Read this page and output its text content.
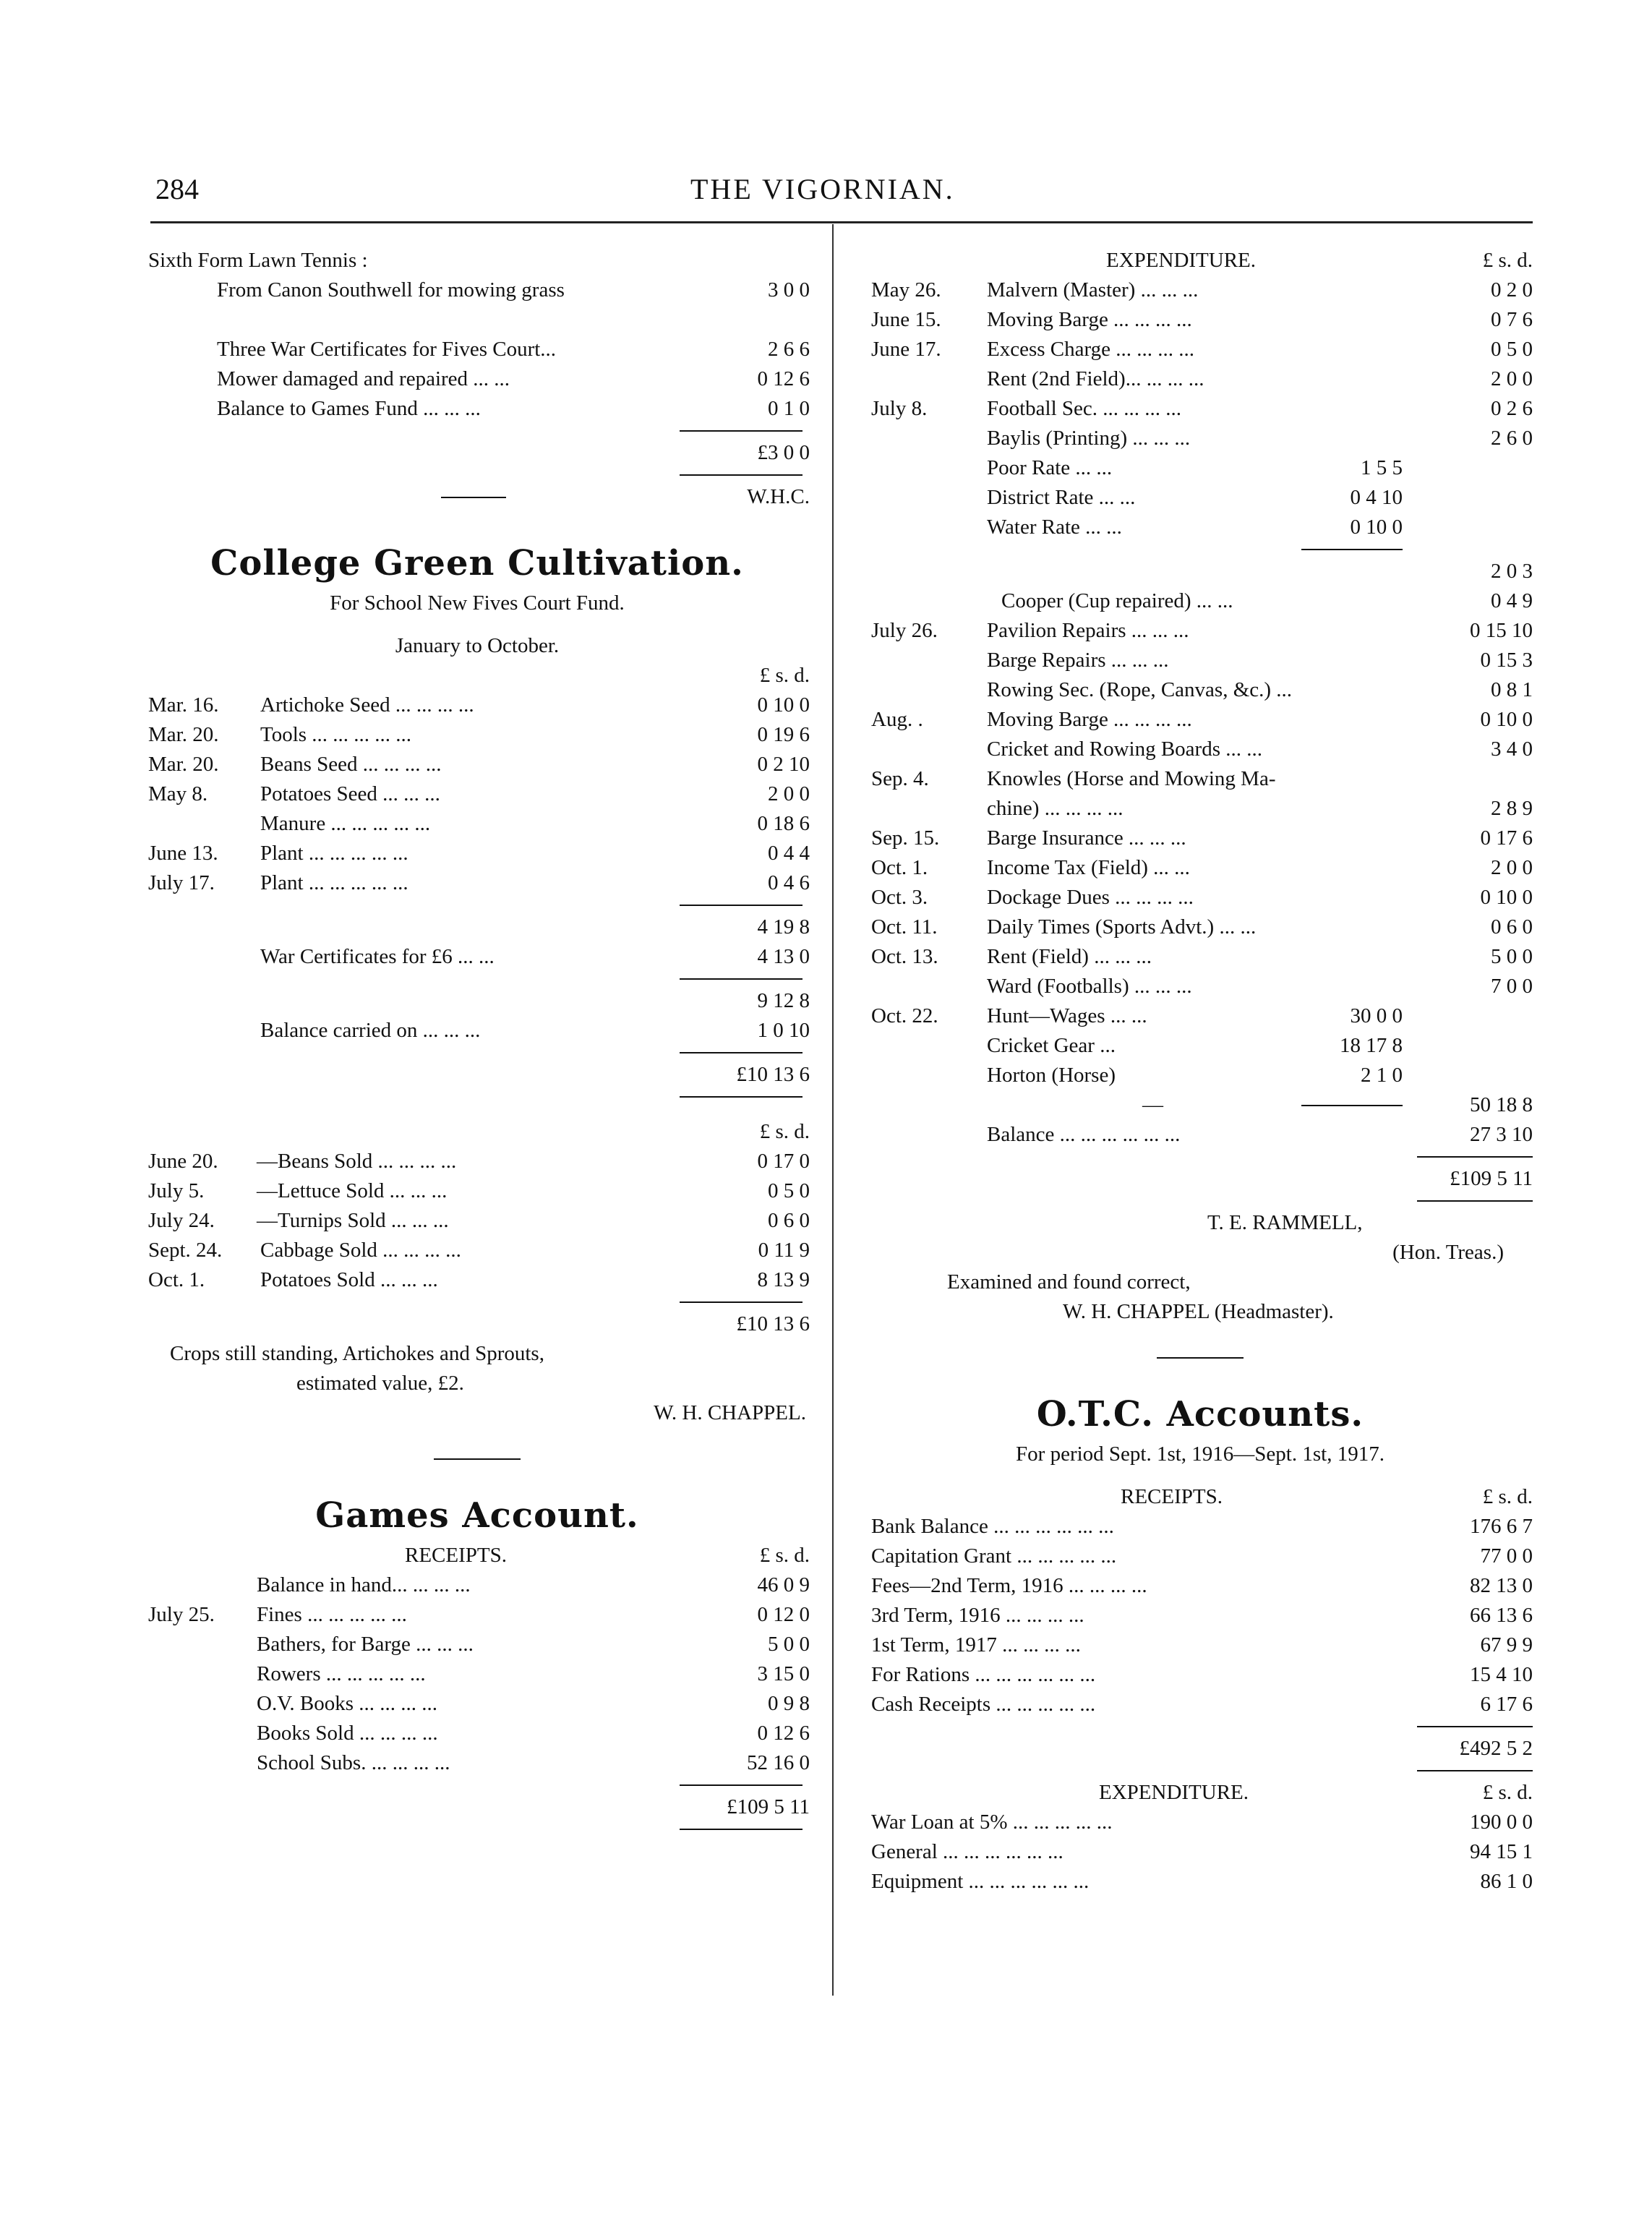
284	THE VIGORNIAN.
Sixth Form Lawn Tennis :
From Canon Southwell for mowing grass	3 0 0
Three War Certificates for Fives Court...	2 6 6
Mower damaged and repaired ... ...	0 12 6
Balance to Games Fund ... ... ...	0 1 0
£3 0 0
W.H.C.
College Green Cultivation.
For School New Fives Court Fund.
January to October.
£ s. d.
Mar. 16. Artichoke Seed ... ... ... ...	0 10 0
Mar. 20. Tools ... ... ... ... ...	0 19 6
Mar. 20. Beans Seed ... ... ... ...	0 2 10
May 8.	Potatoes Seed ... ... ...	2 0 0
Manure ... ... ... ... ...	0 18 6
June 13. Plant ... ... ... ... ...	0 4 4
July 17. Plant ... ... ... ... ...	0 4 6
4 19 8
War Certificates for £6 ... ...	4 13 0
9 12 8
Balance carried on ... ... ...	1 0 10
£10 13 6
£ s. d.
June 20. —Beans Sold ... ... ... ...	0 17 0
July 5.	—Lettuce Sold ... ... ...	0 5 0
July 24. —Turnips Sold ... ... ...	0 6 0
Sept. 24. Cabbage Sold ... ... ... ...	0 11 9
Oct. 1.	Potatoes Sold ... ... ...	8 13 9
£10 13 6
Crops still standing, Artichokes and Sprouts,
estimated value, £2.
W. H. CHAPPEL.
Games Account.
RECEIPTS.	£ s. d.
Balance in hand... ... ... ...	46 0 9
July 25. Fines ... ... ... ... ...	0 12 0
Bathers, for Barge ... ... ...	5 0 0
Rowers ... ... ... ... ...	3 15 0
O.V. Books ... ... ... ...	0 9 8
Books Sold ... ... ... ...	0 12 6
School Subs. ... ... ... ...	52 16 0
£109 5 11
EXPENDITURE.	£ s. d.
May 26. Malvern (Master) ... ... ...	0 2 0
June 15. Moving Barge ... ... ... ...	0 7 6
June 17. Excess Charge ... ... ... ...	0 5 0
Rent (2nd Field)... ... ... ...	2 0 0
July 8.	Football Sec. ... ... ... ...	0 2 6
Baylis (Printing) ... ... ...	2 6 0
Poor Rate ... ...	1 5 5
District Rate ... ...	0 4 10
Water Rate ... ...	0 10 0
2 0 3
Cooper (Cup repaired) ... ...	0 4 9
July 26. Pavilion Repairs ... ... ...	0 15 10
Barge Repairs ... ... ...	0 15 3
Rowing Sec. (Rope, Canvas, &c.) ...	0 8 1
Aug. .	Moving Barge ... ... ... ...	0 10 0
Cricket and Rowing Boards ... ...	3 4 0
Sep. 4.	Knowles (Horse and Mowing Ma-
chine) ... ... ... ...	2 8 9
Sep. 15. Barge Insurance ... ... ...	0 17 6
Oct. 1.	Income Tax (Field) ... ...	2 0 0
Oct. 3.	Dockage Dues ... ... ... ...	0 10 0
Oct. 11. Daily Times (Sports Advt.) ... ...	0 6 0
Oct. 13. Rent (Field) ... ... ...	5 0 0
Ward (Footballs) ... ... ...	7 0 0
Oct. 22. Hunt—Wages ... ...	30 0 0
Cricket Gear ...	18 17 8
Horton (Horse)	2 1 0
—	50 18 8
Balance ... ... ... ... ... ...	27 3 10
£109 5 11
T. E. RAMMELL,
(Hon. Treas.)
Examined and found correct,
W. H. CHAPPEL (Headmaster).
O.T.C. Accounts.
For period Sept. 1st, 1916—Sept. 1st, 1917.
RECEIPTS.	£ s. d.
Bank Balance ... ... ... ... ... ...	176 6 7
Capitation Grant ... ... ... ... ...	77 0 0
Fees—2nd Term, 1916 ... ... ... ...	82 13 0
3rd Term, 1916 ... ... ... ...	66 13 6
1st Term, 1917 ... ... ... ...	67 9 9
For Rations ... ... ... ... ... ...	15 4 10
Cash Receipts ... ... ... ... ...	6 17 6
£492 5 2
EXPENDITURE.	£ s. d.
War Loan at 5% ... ... ... ... ...	190 0 0
General ... ... ... ... ... ...	94 15 1
Equipment ... ... ... ... ... ...	86 1 0
